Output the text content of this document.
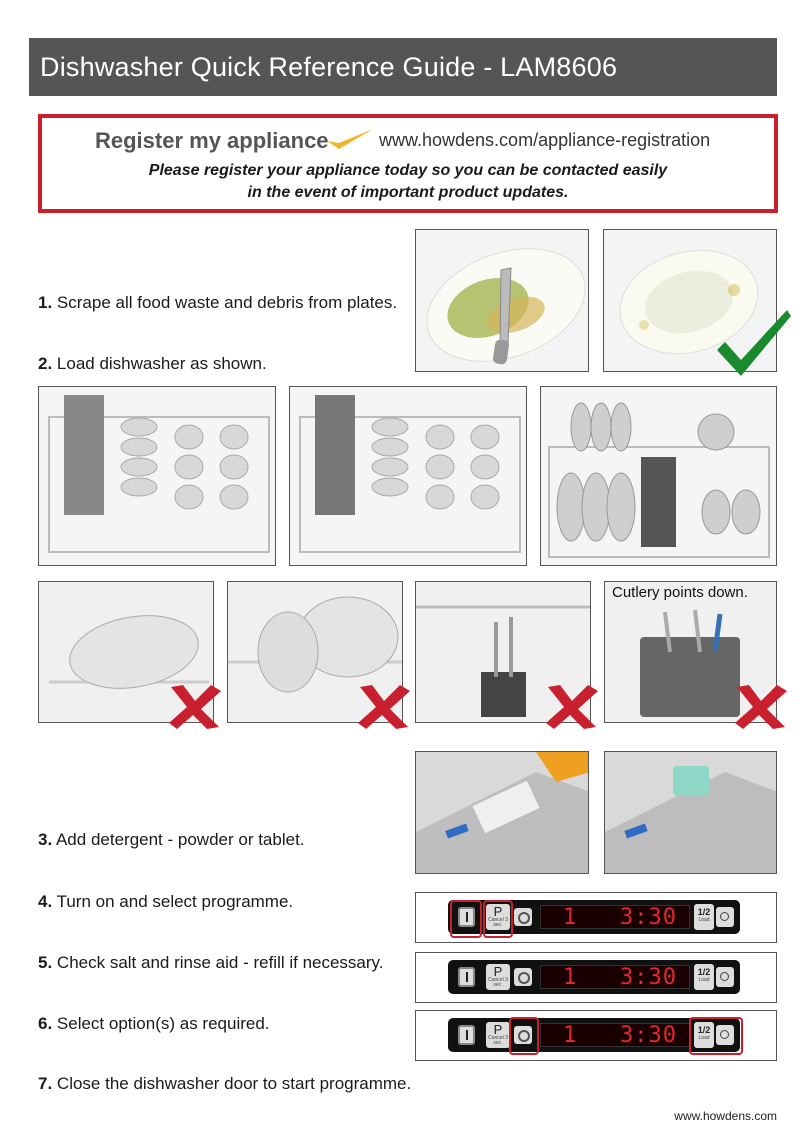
Dishwasher Quick Reference Guide - LAM8606
Register my appliance	www.howdens.com/appliance-registration
Please register your appliance today so you can be contacted easily
in the event of important product updates.
1. Scrape all food waste and debris from plates.
2. Load dishwasher as shown.
3. Add detergent - powder or tablet.
4. Turn on and select programme.
5. Check salt and rinse aid - refill if necessary.
6. Select option(s) as required.
7. Close the dishwasher door to start programme.
Cutlery points down.
P
Cancel 3 sec.	1 3:30	1/2
Load
P
Cancel 3 sec.	1 3:30	1/2
Load
P
Cancel 3 sec.	1 3:30	1/2
Load
www.howdens.com
